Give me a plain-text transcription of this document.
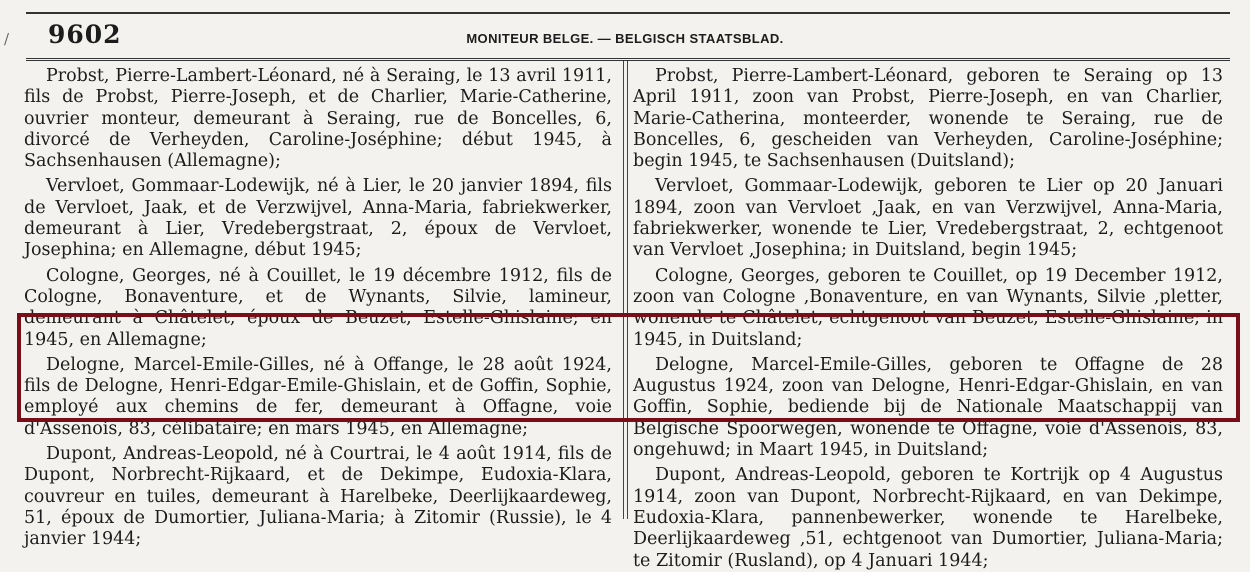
/ 9602	MONITEUR BELGE. — BELGISCH STAATSBLAD.

Probst, Pierre-Lambert-Léonard, né à Seraing, le 13 avril 1911, fils de Probst, Pierre-Joseph, et de Charlier, Marie-Catherine, ouvrier monteur, demeurant à Seraing, rue de Boncelles, 6, divorcé de Verheyden, Caroline-Joséphine; début 1945, à Sachsenhausen (Allemagne);

Vervloet, Gommaar-Lodewijk, né à Lier, le 20 janvier 1894, fils de Vervloet, Jaak, et de Verzwijvel, Anna-Maria, fabriekwerker, demeurant à Lier, Vredebergstraat, 2, époux de Vervloet, Josephina; en Allemagne, début 1945;

Cologne, Georges, né à Couillet, le 19 décembre 1912, fils de Cologne, Bonaventure, et de Wynants, Silvie, lamineur, demeurant à Châtelet, époux de Beuzet, Estelle-Ghislaine; en 1945, en Allemagne;

Delogne, Marcel-Emile-Gilles, né à Offange, le 28 août 1924, fils de Delogne, Henri-Edgar-Emile-Ghislain, et de Goffin, Sophie, employé aux chemins de fer, demeurant à Offagne, voie d'Assenois, 83, célibataire; en mars 1945, en Allemagne;

Dupont, Andreas-Leopold, né à Courtrai, le 4 août 1914, fils de Dupont, Norbrecht-Rijkaard, et de Dekimpe, Eudoxia-Klara, couvreur en tuiles, demeurant à Harelbeke, Deerlijkaardeweg, 51, époux de Dumortier, Juliana-Maria; à Zitomir (Russie), le 4 janvier 1944;

Probst, Pierre-Lambert-Léonard, geboren te Seraing op 13 April 1911, zoon van Probst, Pierre-Joseph, en van Charlier, Marie-Catherina, monteerder, wonende te Seraing, rue de Boncelles, 6, gescheiden van Verheyden, Caroline-Joséphine; begin 1945, te Sachsenhausen (Duitsland);

Vervloet, Gommaar-Lodewijk, geboren te Lier op 20 Januari 1894, zoon van Vervloet ,Jaak, en van Verzwijvel, Anna-Maria, fabriekwerker, wonende te Lier, Vredebergstraat, 2, echtgenoot van Vervloet ,Josephina; in Duitsland, begin 1945;

Cologne, Georges, geboren te Couillet, op 19 December 1912, zoon van Cologne ,Bonaventure, en van Wynants, Silvie ,pletter, wonende te Châtelet, echtgenoot van Beuzet, Estelle-Ghislaine; in 1945, in Duitsland;

Delogne, Marcel-Emile-Gilles, geboren te Offagne de 28 Augustus 1924, zoon van Delogne, Henri-Edgar-Ghislain, en van Goffin, Sophie, bediende bij de Nationale Maatschappij van Belgische Spoorwegen, wonende te Offagne, voie d'Assenois, 83, ongehuwd; in Maart 1945, in Duitsland;

Dupont, Andreas-Leopold, geboren te Kortrijk op 4 Augustus 1914, zoon van Dupont, Norbrecht-Rijkaard, en van Dekimpe, Eudoxia-Klara, pannenbewerker, wonende te Harelbeke, Deerlijkaardeweg ,51, echtgenoot van Dumortier, Juliana-Maria; te Zitomir (Rusland), op 4 Januari 1944;
